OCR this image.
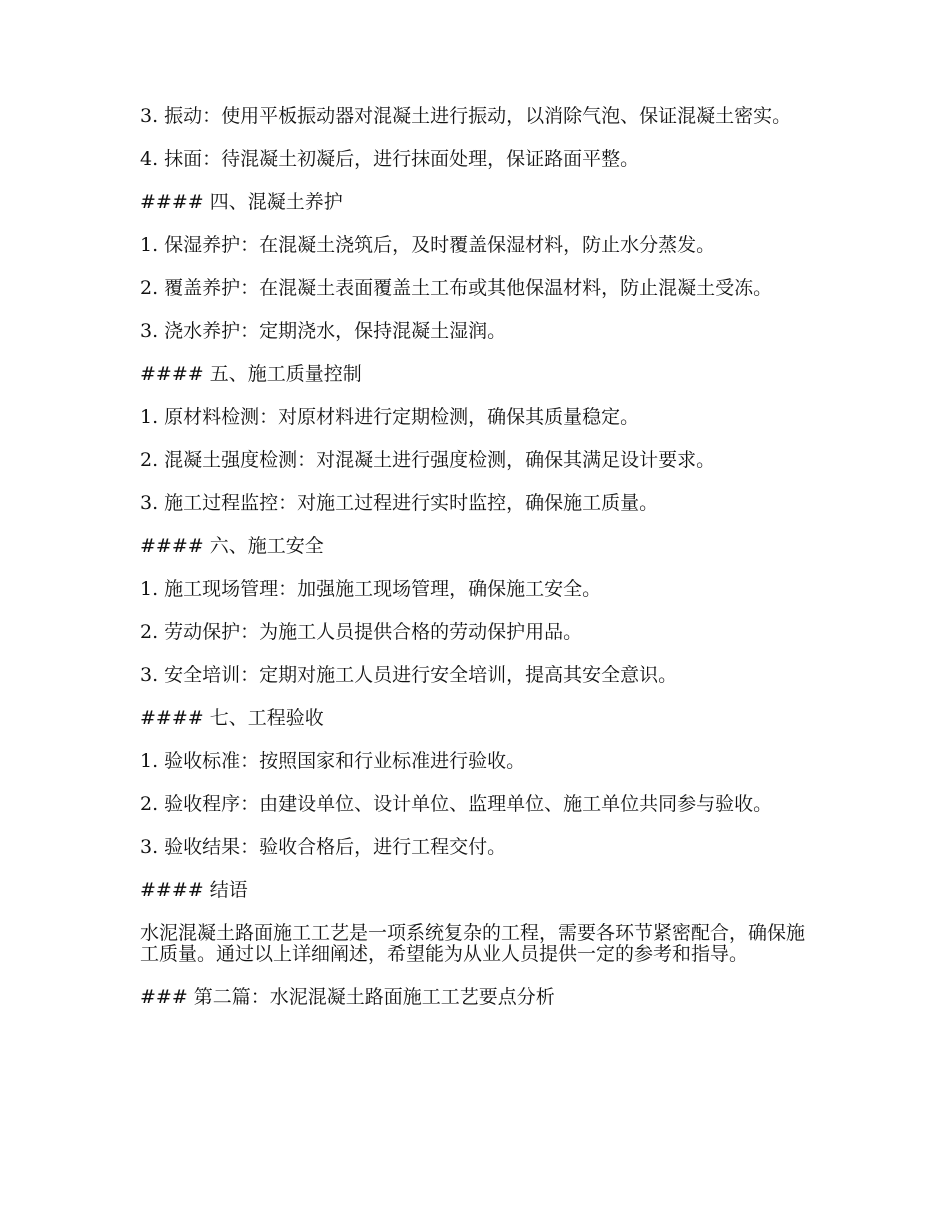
3. 振动：使用平板振动器对混凝土进行振动，以消除气泡、保证混凝土密实。

4. 抹面：待混凝土初凝后，进行抹面处理，保证路面平整。

#### 四、混凝土养护

1. 保湿养护：在混凝土浇筑后，及时覆盖保湿材料，防止水分蒸发。

2. 覆盖养护：在混凝土表面覆盖土工布或其他保温材料，防止混凝土受冻。

3. 浇水养护：定期浇水，保持混凝土湿润。

#### 五、施工质量控制

1. 原材料检测：对原材料进行定期检测，确保其质量稳定。

2. 混凝土强度检测：对混凝土进行强度检测，确保其满足设计要求。

3. 施工过程监控：对施工过程进行实时监控，确保施工质量。

#### 六、施工安全

1. 施工现场管理：加强施工现场管理，确保施工安全。

2. 劳动保护：为施工人员提供合格的劳动保护用品。

3. 安全培训：定期对施工人员进行安全培训，提高其安全意识。

#### 七、工程验收

1. 验收标准：按照国家和行业标准进行验收。

2. 验收程序：由建设单位、设计单位、监理单位、施工单位共同参与验收。

3. 验收结果：验收合格后，进行工程交付。

#### 结语

水泥混凝土路面施工工艺是一项系统复杂的工程，需要各环节紧密配合，确保施工质量。通过以上详细阐述，希望能为从业人员提供一定的参考和指导。

### 第二篇：水泥混凝土路面施工工艺要点分析
